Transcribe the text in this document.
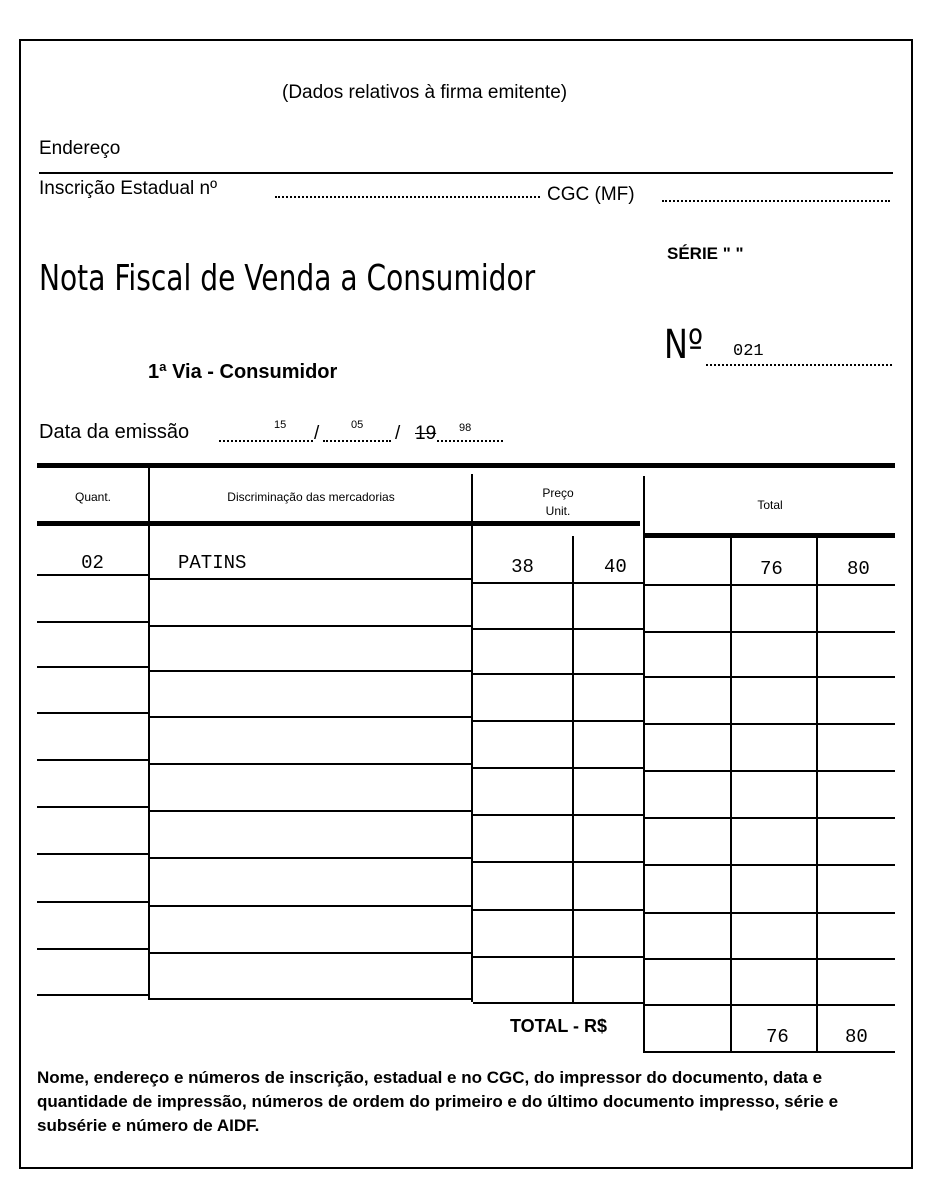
(Dados relativos à firma emitente)
Endereço
Inscrição Estadual nº	CGC (MF)
Nota Fiscal de Venda a Consumidor
SÉRIE " "
Nº 021
1ª Via - Consumidor
Data da emissão	15 /	05 / 19 98
Quant.	Discriminação das mercadorias	Preço Unit.	Total
02	PATINS	38	40	76	80
TOTAL - R$	76	80
Nome, endereço e números de inscrição, estadual e no CGC, do impressor do documento, data e quantidade de impressão, números de ordem do primeiro e do último documento impresso, série e subsérie e número de AIDF.
